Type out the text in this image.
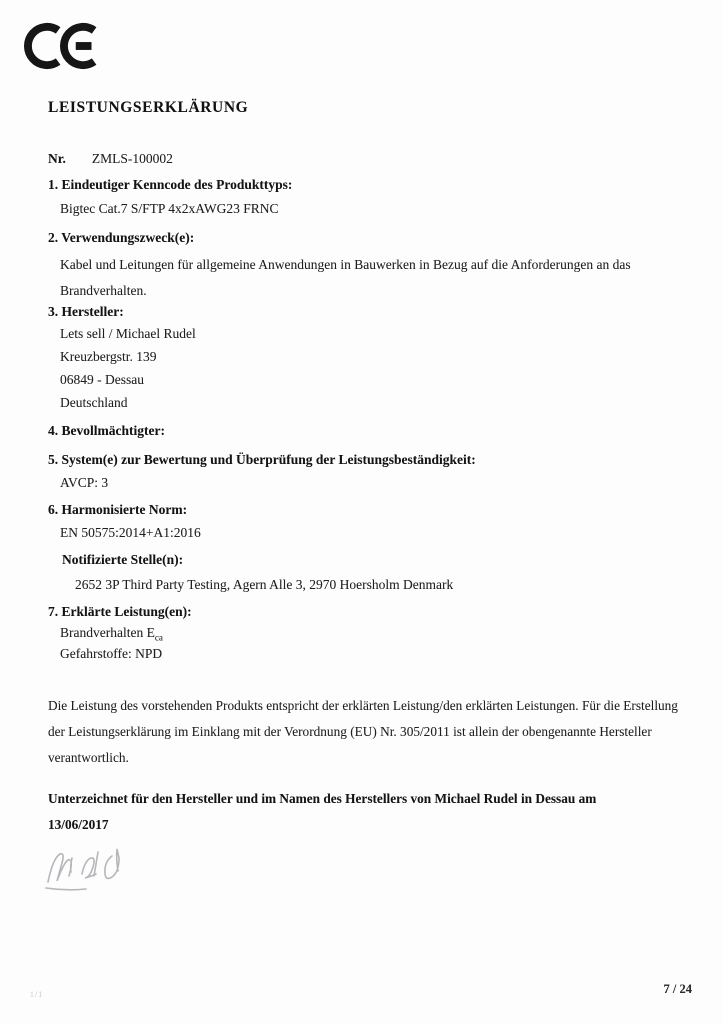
LEISTUNGSERKLÄRUNG
Nr. ZMLS-100002
1. Eindeutiger Kenncode des Produkttyps:
Bigtec Cat.7 S/FTP 4x2xAWG23 FRNC
2. Verwendungszweck(e):
Kabel und Leitungen für allgemeine Anwendungen in Bauwerken in Bezug auf die Anforderungen an das Brandverhalten.
3. Hersteller:
Lets sell / Michael Rudel
Kreuzbergstr. 139
06849 - Dessau
Deutschland
4. Bevollmächtigter:
5. System(e) zur Bewertung und Überprüfung der Leistungsbeständigkeit:
AVCP: 3
6. Harmonisierte Norm:
EN 50575:2014+A1:2016
Notifizierte Stelle(n):
2652 3P Third Party Testing, Agern Alle 3, 2970 Hoersholm Denmark
7. Erklärte Leistung(en):
Brandverhalten $E_{ca}$
Gefahrstoffe: NPD
Die Leistung des vorstehenden Produkts entspricht der erklärten Leistung/den erklärten Leistungen. Für die Erstellung der Leistungserklärung im Einklang mit der Verordnung (EU) Nr. 305/2011 ist allein der obengenannte Hersteller verantwortlich.
Unterzeichnet für den Hersteller und im Namen des Herstellers von Michael Rudel in Dessau am
13/06/2017
1/1	7 / 24
